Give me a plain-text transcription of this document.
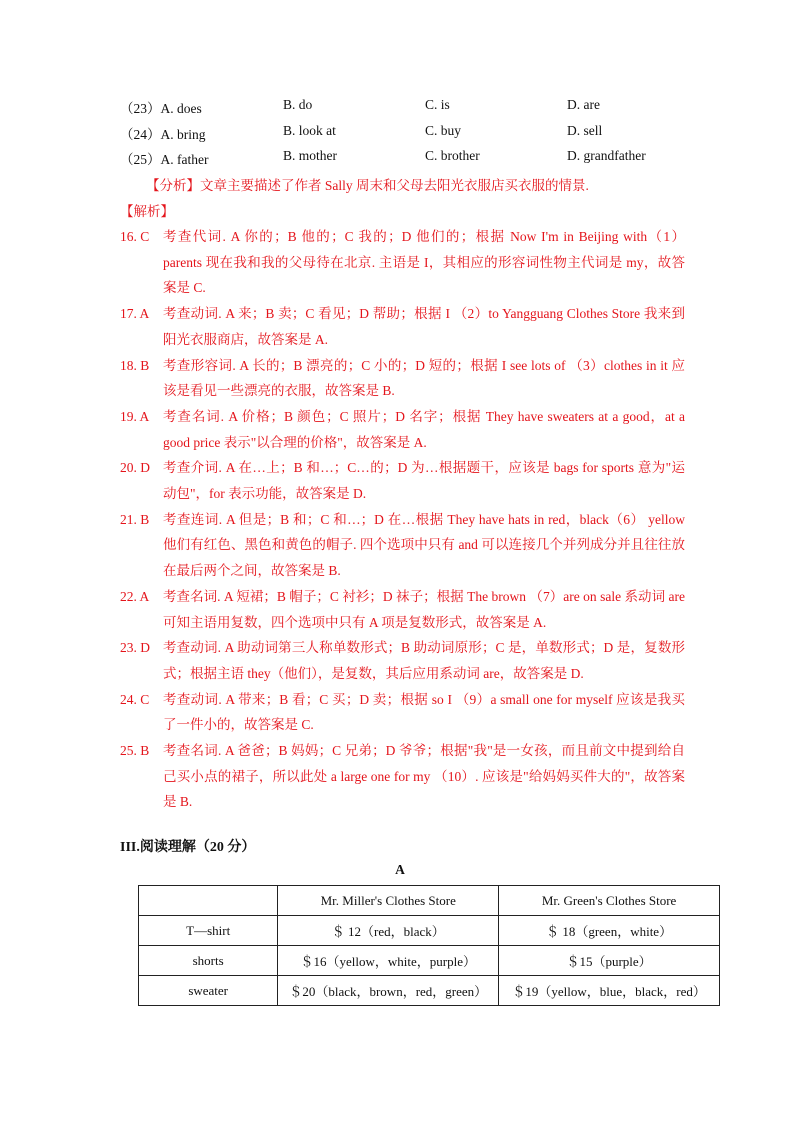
（23）A. does	B. do	C. is	D. are
（24）A. bring	B. look at	C. buy	D. sell
（25）A. father	B. mother	C. brother	D. grandfather
【分析】文章主要描述了作者 Sally 周末和父母去阳光衣服店买衣服的情景.
【解析】

16. C 考查代词. A 你的；B 他的；C 我的；D 他们的；根据 Now I'm in Beijing with（1） parents 现在我和我的父母待在北京. 主语是 I，其相应的形容词性物主代词是 my，故答案是 C.

17. A 考查动词. A 来；B 卖；C 看见；D 帮助；根据 I （2）to Yangguang Clothes Store 我来到阳光衣服商店，故答案是 A.

18. B 考查形容词. A 长的；B 漂亮的；C 小的；D 短的；根据 I see lots of （3）clothes in it 应该是看见一些漂亮的衣服，故答案是 B.

19. A 考查名词. A 价格；B 颜色；C 照片；D 名字；根据 They have sweaters at a good，at a good price 表示"以合理的价格"，故答案是 A.

20. D 考查介词. A 在…上；B 和…；C…的；D 为…根据题干，应该是 bags for sports 意为"运动包"，for 表示功能，故答案是 D.

21. B 考查连词. A 但是；B 和；C 和…；D 在…根据 They have hats in red，black（6） yellow 他们有红色、黑色和黄色的帽子. 四个选项中只有 and 可以连接几个并列成分并且往往放在最后两个之间，故答案是 B.

22. A 考查名词. A 短裙；B 帽子；C 衬衫；D 袜子；根据 The brown （7）are on sale 系动词 are 可知主语用复数，四个选项中只有 A 项是复数形式，故答案是 A.

23. D 考查动词. A 助动词第三人称单数形式；B 助动词原形；C 是，单数形式；D 是，复数形式；根据主语 they（他们），是复数，其后应用系动词 are，故答案是 D.

24. C 考查动词. A 带来；B 看；C 买；D 卖；根据 so I （9）a small one for myself 应该是我买了一件小的，故答案是 C.

25. B 考查名词. A 爸爸；B 妈妈；C 兄弟；D 爷爷；根据"我"是一女孩，而且前文中提到给自己买小点的裙子，所以此处 a large one for my （10）. 应该是"给妈妈买件大的"，故答案是 B.

III.阅读理解（20 分）
A
	Mr. Miller's Clothes Store	Mr. Green's Clothes Store
T—shirt	＄ 12（red，black）	＄ 18（green，white）
shorts	＄16（yellow，white，purple）	＄15（purple）
sweater	＄20（black，brown，red，green）	＄19（yellow，blue，black，red）
